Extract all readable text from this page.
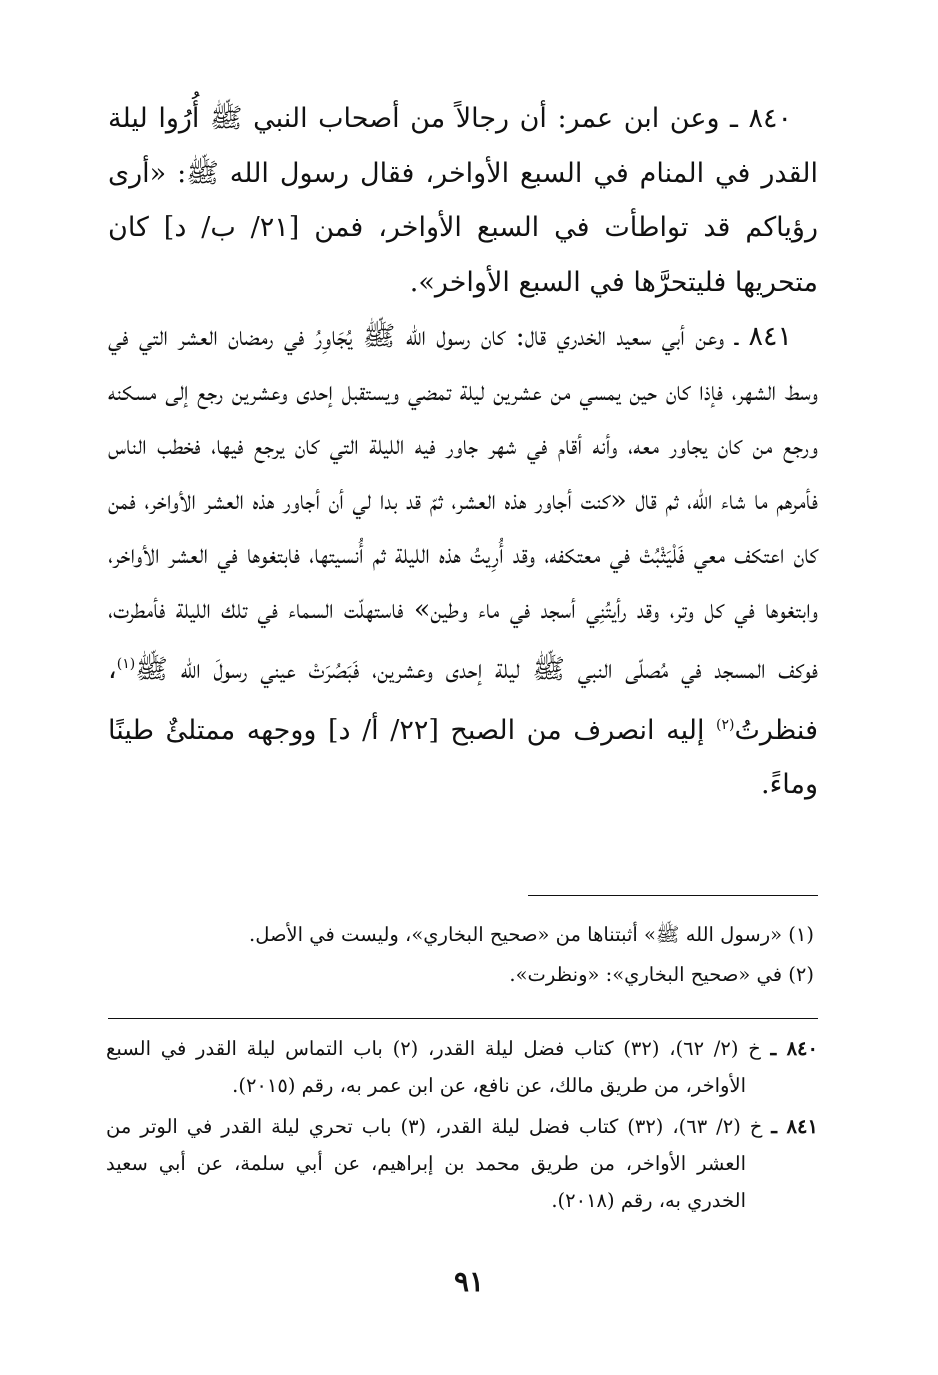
٨٤٠ ـ وعن ابن عمر: أن رجالاً من أصحاب النبي ﷺ أُرُوا ليلة القدر في المنام في السبع الأواخر، فقال رسول الله ﷺ: «أرى رؤياكم قد تواطأت في السبع الأواخر، فمن [٢١/ ب/ د] كان متحريها فليتحرَّها في السبع الأواخر».

٨٤١ ـ وعن أبي سعيد الخدري قال: كان رسول الله ﷺ يُجَاوِرُ في رمضان العشر التي في وسط الشهر، فإذا كان حين يمسي من عشرين ليلة تمضي ويستقبل إحدى وعشرين رجع إلى مسكنه ورجع من كان يجاور معه، وأنه أقام في شهر جاور فيه الليلة التي كان يرجع فيها، فخطب الناس فأمرهم ما شاء الله، ثم قال «كنت أجاور هذه العشر، ثمّ قد بدا لي أن أجاور هذه العشر الأواخر، فمن كان اعتكف معي فَلْيَثْبُتْ في معتكفه، وقد أُرِيتُ هذه الليلة ثم أُنسيتها، فابتغوها في العشر الأواخر، وابتغوها في كل وتر، وقد رأيتُنِي أسجد في ماء وطين» فاستهلّت السماء في تلك الليلة فأمطرت، فوكف المسجد في مُصلّى النبي ﷺ ليلة إحدى وعشرين، فَبَصُرَتْ عيني رسولَ الله ﷺ$^{(١)}$، فنظرتُ$^{(٢)}$ إليه انصرف من الصبح [٢٢/ أ/ د] ووجهه ممتلئٌ طينًا وماءً.

(١) «رسول الله ﷺ» أثبتناها من «صحيح البخاري»، وليست في الأصل.

(٢) في «صحيح البخاري»: «ونظرت».

٨٤٠ ـ خ (٢/ ٦٢)، (٣٢) كتاب فضل ليلة القدر، (٢) باب التماس ليلة القدر في السبع الأواخر، من طريق مالك، عن نافع، عن ابن عمر به، رقم (٢٠١٥).

٨٤١ ـ خ (٢/ ٦٣)، (٣٢) كتاب فضل ليلة القدر، (٣) باب تحري ليلة القدر في الوتر من العشر الأواخر، من طريق محمد بن إبراهيم، عن أبي سلمة، عن أبي سعيد الخدري به، رقم (٢٠١٨).

٩١
